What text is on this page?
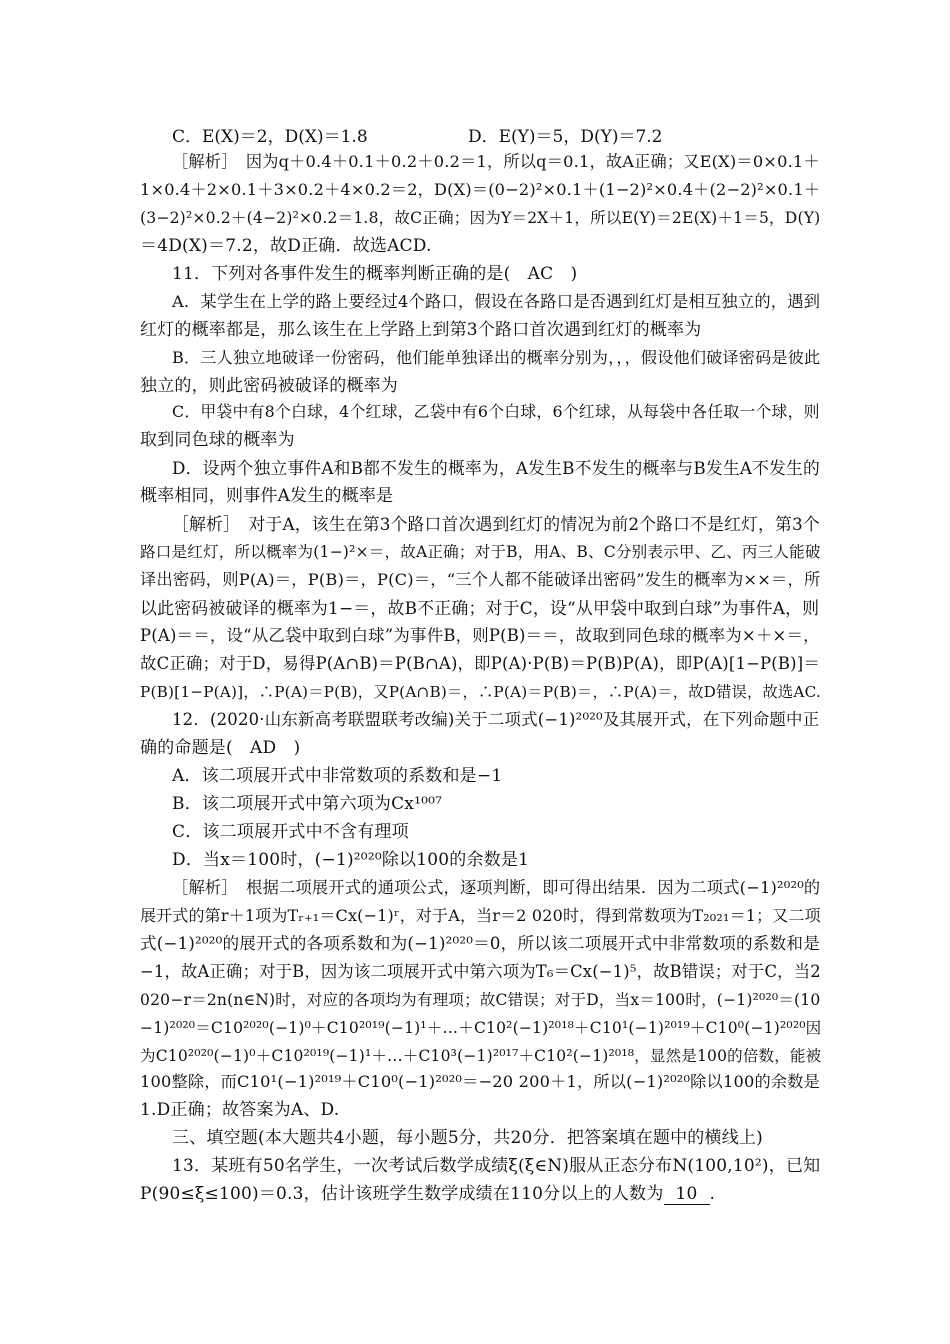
C．E(X)＝2，D(X)＝1.8	D．E(Y)＝5，D(Y)＝7.2
［解析］　因为q＋0.4＋0.1＋0.2＋0.2＝1，所以q＝0.1，故A正确；又E(X)＝0×0.1＋
1×0.4＋2×0.1＋3×0.2＋4×0.2＝2，D(X)＝(0−2)²×0.1＋(1−2)²×0.4＋(2−2)²×0.1＋
(3−2)²×0.2＋(4−2)²×0.2＝1.8，故C正确；因为Y＝2X＋1，所以E(Y)＝2E(X)＋1＝5，D(Y)
＝4D(X)＝7.2，故D正确．故选ACD.
11．下列对各事件发生的概率判断正确的是(　AC　)
A．某学生在上学的路上要经过4个路口，假设在各路口是否遇到红灯是相互独立的，遇到
红灯的概率都是，那么该生在上学路上到第3个路口首次遇到红灯的概率为
B．三人独立地破译一份密码，他们能单独译出的概率分别为，，，假设他们破译密码是彼此
独立的，则此密码被破译的概率为
C．甲袋中有8个白球，4个红球，乙袋中有6个白球，6个红球，从每袋中各任取一个球，则
取到同色球的概率为
D．设两个独立事件A和B都不发生的概率为，A发生B不发生的概率与B发生A不发生的
概率相同，则事件A发生的概率是
［解析］　对于A，该生在第3个路口首次遇到红灯的情况为前2个路口不是红灯，第3个
路口是红灯，所以概率为(1−)²×＝，故A正确；对于B，用A、B、C分别表示甲、乙、丙三人能破
译出密码，则P(A)＝，P(B)＝，P(C)＝，“三个人都不能破译出密码”发生的概率为××＝，所
以此密码被破译的概率为1−＝，故B不正确；对于C，设“从甲袋中取到白球”为事件A，则
P(A)＝＝，设“从乙袋中取到白球”为事件B，则P(B)＝＝，故取到同色球的概率为×＋×＝，
故C正确；对于D，易得P(A∩B)＝P(B∩A)，即P(A)·P(B)＝P(B)P(A)，即P(A)[1−P(B)]＝
P(B)[1−P(A)]，∴P(A)＝P(B)，又P(A∩B)＝，∴P(A)＝P(B)＝，∴P(A)＝，故D错误，故选AC.
12．(2020·山东新高考联盟联考改编)关于二项式(−1)²⁰²⁰及其展开式，在下列命题中正
确的命题是(　AD　)
A．该二项展开式中非常数项的系数和是−1
B．该二项展开式中第六项为Cx¹⁰⁰⁷
C．该二项展开式中不含有理项
D．当x＝100时，(−1)²⁰²⁰除以100的余数是1
［解析］　根据二项展开式的通项公式，逐项判断，即可得出结果．因为二项式(−1)²⁰²⁰的
展开式的第r＋1项为Tᵣ₊₁＝Cx(−1)ʳ，对于A，当r＝2 020时，得到常数项为T₂₀₂₁＝1；又二项
式(−1)²⁰²⁰的展开式的各项系数和为(−1)²⁰²⁰＝0，所以该二项展开式中非常数项的系数和是
−1，故A正确；对于B，因为该二项展开式中第六项为T₆＝Cx(−1)⁵，故B错误；对于C，当2
020−r＝2n(n∈N)时，对应的各项均为有理项；故C错误；对于D，当x＝100时，(−1)²⁰²⁰＝(10
−1)²⁰²⁰＝C10²⁰²⁰(−1)⁰＋C10²⁰¹⁹(−1)¹＋…＋C10²(−1)²⁰¹⁸＋C10¹(−1)²⁰¹⁹＋C10⁰(−1)²⁰²⁰因
为C10²⁰²⁰(−1)⁰＋C10²⁰¹⁹(−1)¹＋…＋C10³(−1)²⁰¹⁷＋C10²(−1)²⁰¹⁸，显然是100的倍数，能被
100整除，而C10¹(−1)²⁰¹⁹＋C10⁰(−1)²⁰²⁰＝−20 200＋1，所以(−1)²⁰²⁰除以100的余数是
1.D正确；故答案为A、D.
三、填空题(本大题共4小题，每小题5分，共20分．把答案填在题中的横线上)
13．某班有50名学生，一次考试后数学成绩ξ(ξ∈N)服从正态分布N(100,10²)，已知
P(90≤ξ≤100)＝0.3，估计该班学生数学成绩在110分以上的人数为 10 .
